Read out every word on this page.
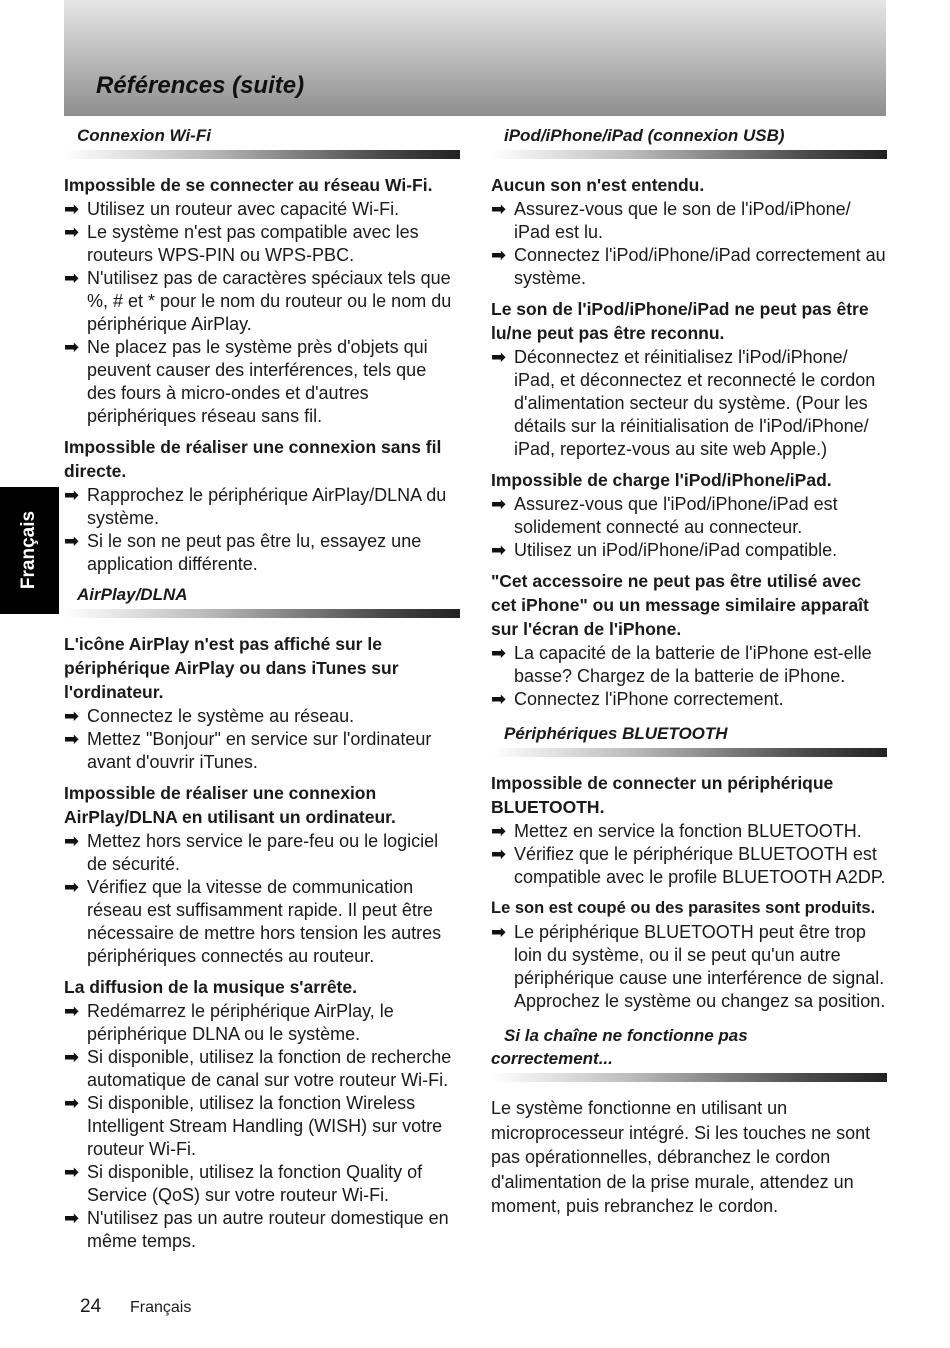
Références (suite)
Français
Connexion Wi-Fi
Impossible de se connecter au réseau Wi-Fi.
➡ Utilisez un routeur avec capacité Wi-Fi.
➡ Le système n'est pas compatible avec les routeurs WPS-PIN ou WPS-PBC.
➡ N'utilisez pas de caractères spéciaux tels que %, # et * pour le nom du routeur ou le nom du périphérique AirPlay.
➡ Ne placez pas le système près d'objets qui peuvent causer des interférences, tels que des fours à micro-ondes et d'autres périphériques réseau sans fil.
Impossible de réaliser une connexion sans fil directe.
➡ Rapprochez le périphérique AirPlay/DLNA du système.
➡ Si le son ne peut pas être lu, essayez une application différente.
AirPlay/DLNA
L'icône AirPlay n'est pas affiché sur le périphérique AirPlay ou dans iTunes sur l'ordinateur.
➡ Connectez le système au réseau.
➡ Mettez "Bonjour" en service sur l'ordinateur avant d'ouvrir iTunes.
Impossible de réaliser une connexion AirPlay/DLNA en utilisant un ordinateur.
➡ Mettez hors service le pare-feu ou le logiciel de sécurité.
➡ Vérifiez que la vitesse de communication réseau est suffisamment rapide. Il peut être nécessaire de mettre hors tension les autres périphériques connectés au routeur.
La diffusion de la musique s'arrête.
➡ Redémarrez le périphérique AirPlay, le périphérique DLNA ou le système.
➡ Si disponible, utilisez la fonction de recherche automatique de canal sur votre routeur Wi-Fi.
➡ Si disponible, utilisez la fonction Wireless Intelligent Stream Handling (WISH) sur votre routeur Wi-Fi.
➡ Si disponible, utilisez la fonction Quality of Service (QoS) sur votre routeur Wi-Fi.
➡ N'utilisez pas un autre routeur domestique en même temps.
iPod/iPhone/iPad (connexion USB)
Aucun son n'est entendu.
➡ Assurez-vous que le son de l'iPod/iPhone/ iPad est lu.
➡ Connectez l'iPod/iPhone/iPad correctement au système.
Le son de l'iPod/iPhone/iPad ne peut pas être lu/ne peut pas être reconnu.
➡ Déconnectez et réinitialisez l'iPod/iPhone/ iPad, et déconnectez et reconnecté le cordon d'alimentation secteur du système. (Pour les détails sur la réinitialisation de l'iPod/iPhone/ iPad, reportez-vous au site web Apple.)
Impossible de charge l'iPod/iPhone/iPad.
➡ Assurez-vous que l'iPod/iPhone/iPad est solidement connecté au connecteur.
➡ Utilisez un iPod/iPhone/iPad compatible.
"Cet accessoire ne peut pas être utilisé avec cet iPhone" ou un message similaire apparaît sur l'écran de l'iPhone.
➡ La capacité de la batterie de l'iPhone est-elle basse? Chargez de la batterie de iPhone.
➡ Connectez l'iPhone correctement.
Périphériques BLUETOOTH
Impossible de connecter un périphérique BLUETOOTH.
➡ Mettez en service la fonction BLUETOOTH.
➡ Vérifiez que le périphérique BLUETOOTH est compatible avec le profile BLUETOOTH A2DP.
Le son est coupé ou des parasites sont produits.
➡ Le périphérique BLUETOOTH peut être trop loin du système, ou il se peut qu'un autre périphérique cause une interférence de signal. Approchez le système ou changez sa position.
Si la chaîne ne fonctionne pas
correctement...

Le système fonctionne en utilisant un microprocesseur intégré. Si les touches ne sont pas opérationnelles, débranchez le cordon d'alimentation de la prise murale, attendez un moment, puis rebranchez le cordon.

24 Français
